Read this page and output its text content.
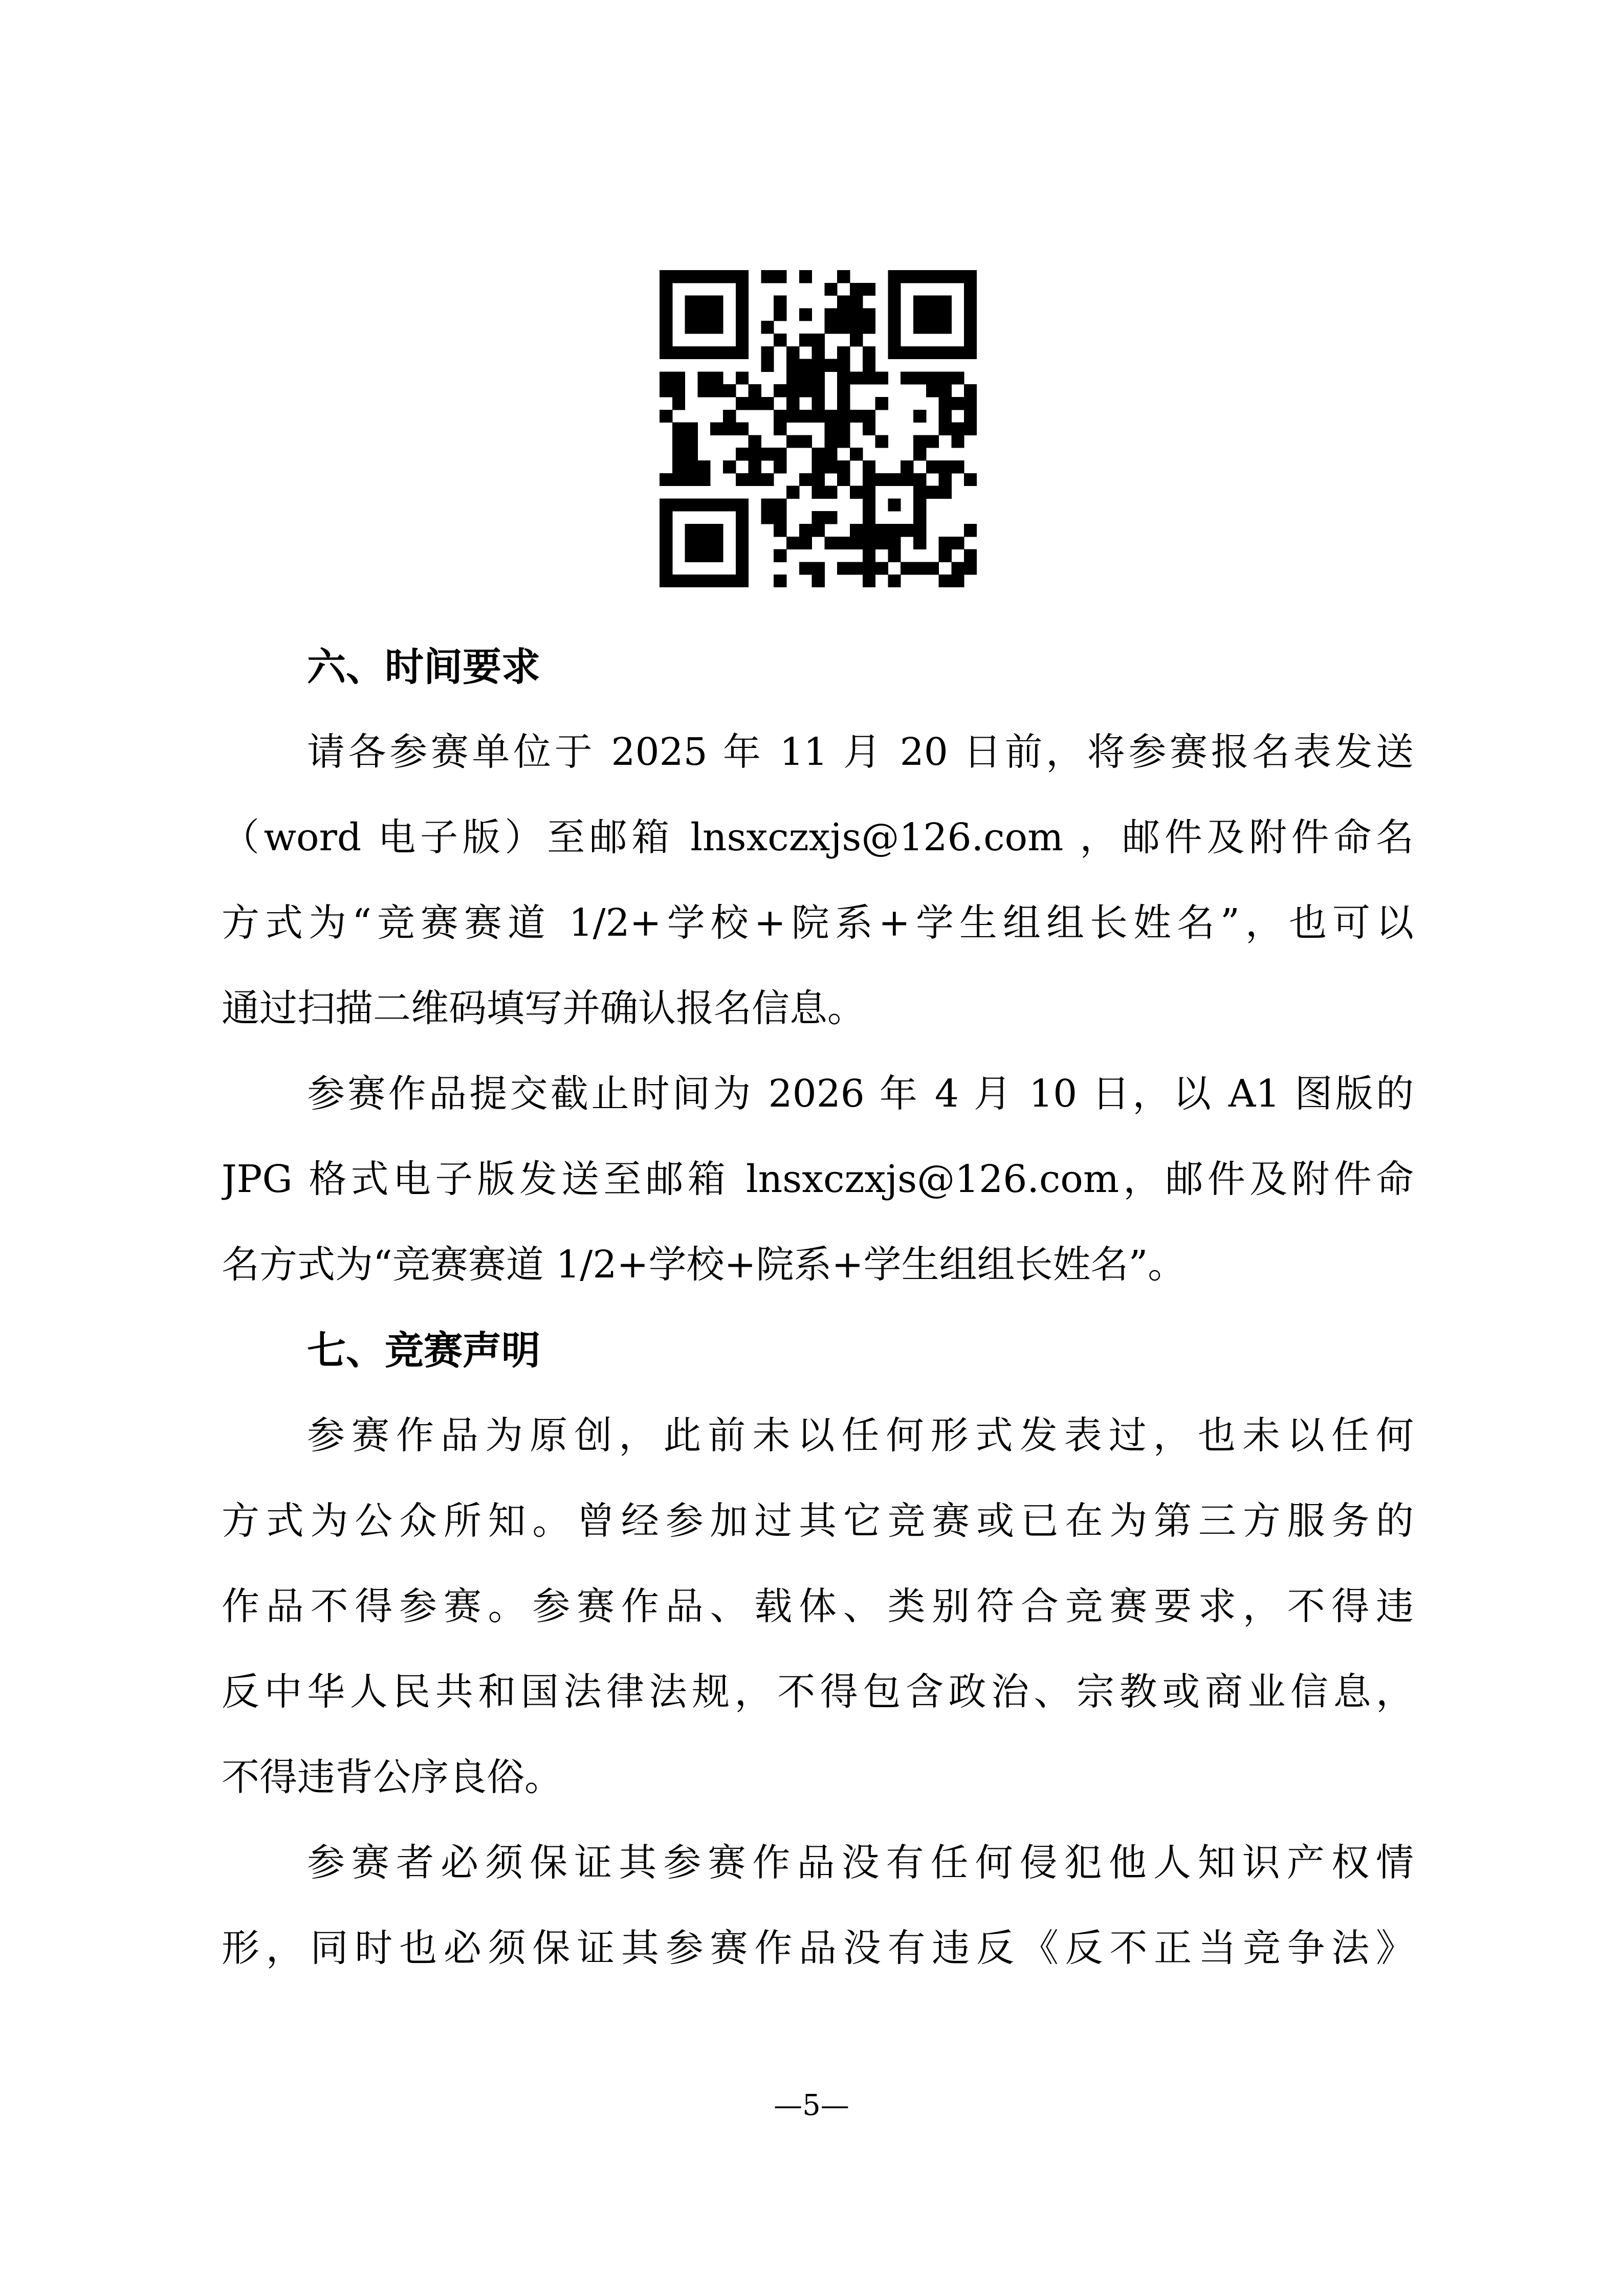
六、时间要求
请各参赛单位于 2025 年 11 月 20 日前，将参赛报名表发送
（word 电子版）至邮箱 lnsxczxjs@126.com ，邮件及附件命名
方式为“竞赛赛道 1/2+学校+院系+学生组组长姓名”，也可以
通过扫描二维码填写并确认报名信息。
参赛作品提交截止时间为 2026 年 4 月 10 日，以 A1 图版的
JPG 格式电子版发送至邮箱 lnsxczxjs@126.com，邮件及附件命
名方式为“竞赛赛道 1/2+学校+院系+学生组组长姓名”。
七、竞赛声明
参赛作品为原创，此前未以任何形式发表过，也未以任何
方式为公众所知。曾经参加过其它竞赛或已在为第三方服务的
作品不得参赛。参赛作品、载体、类别符合竞赛要求，不得违
反中华人民共和国法律法规，不得包含政治、宗教或商业信息，
不得违背公序良俗。
参赛者必须保证其参赛作品没有任何侵犯他人知识产权情
形，同时也必须保证其参赛作品没有违反《反不正当竞争法》
—5—
